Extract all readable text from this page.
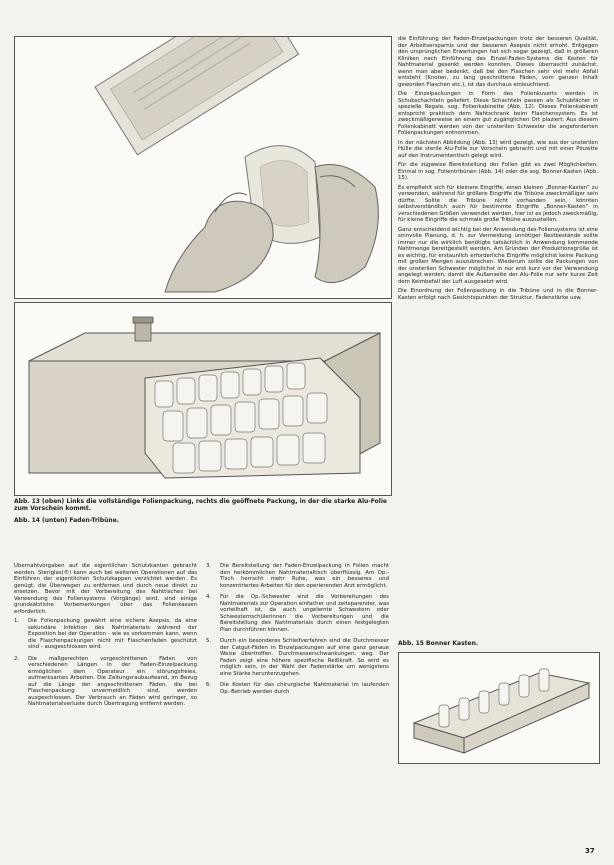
Abb. 13 (oben) Links die vollständige Folienpackung, rechts die geöffnete Packung, in der die starke Alu-Folie zum Vorschein kommt.
Abb. 14 (unten) Faden-Tribüne.

die Einführung der Faden-Einzelpackungen trotz der besseren Qualität, der Arbeitsersparnis und der besseren Asepsis nicht erhoht. Entgegen den ursprünglichen Erwartungen hat sich sogar gezeigt, daß in größeren Kliniken nach Einführung des Einzel-Faden-Systems die Kosten für Nahtmaterial gesenkt werden konnten. Dieses überrascht zunächst, wenn man aber bedenkt, daß bei den Flaschen sehr viel mehr Abfall entsteht (Knoten, zu lang geschnittene Fäden, vom ganzen Inhalt geworden Flaschen etc.), ist das durchaus einleuchtend.

Die Einzelpackungen in Form des Folienkuverts werden in Schubschachteln geliefert. Diese Schachteln passen als Schubfächer in spezielle Regale, sog. Folienkabinette (Abb. 12). Dieses Folienkabinett entspricht praktisch dem Nahtschrank beim Flaschensystem. Es ist zweckmäßigerweise an einem gut zugänglichen Ort plaziert. Aus diesem Folienkabinett werden von der unsterilen Schwester die angeforderten Folienpackungen entnommen.

In der nächsten Abbildung (Abb. 13) wird gezeigt, wie aus der unsterilen Hülle die sterile Alu-Folie zur Vorschein gebracht und mit einer Pinzette auf den Instrumententisch gelegt wird.

Für die zügweise Bereitstellung der Folien gibt es zwei Möglichkeiten: Einmal in sog. Folientribünen (Abb. 14) oder die sog. Bonner-Kasten (Abb. 15).

Es empfiehlt sich für kleinere Eingriffe, einen kleinen „Bonner-Kasten" zu verwenden, während für größere Eingriffe die Tribüne zweckmäßiger sein dürfte. Sollte die Tribüne nicht vorhanden sein, könnten selbstverständlich auch für bestimmte Eingriffe „Bonner-Kasten" in verschiedenen Größen verwendet werden, hier ist es jedoch zweckmäßig, für kleine Eingriffe die schmale große Tribüne auszustellen.

Ganz entscheidend wichtig bei der Anwendung des Foliensystems ist eine sinnvolle Planung, d. h. zur Vermeidung unnötiger Restbestände sollte immer nur die wirklich benötigte tatsächlich in Anwendung kommende Nahtmenge bereitgestellt werden. Am Gründen der Produktionsgrüße ist es wichtig, für erstaunlich erforderliche Eingriffe möglichst keine Packung mit großen Mengen auszubrechen. Wiederum sollte die Packungen von der unsterilen Schwester möglichst in nur erst kurz vor der Verwendung angelegt werden, damit die Außenseite der Alu-Folie nur sehr kurze Zeit dem Keimbefall der Luft ausgesetzt wird.

Die Einordnung der Folienpackung in die Tribüne und in die Bonner-Kasten erfolgt nach Gesichtspunkten der Struktur, Fadenstärke usw.

Übernahtvorgaben auf die eigentlichen Schutzkanten gebracht werden. Steriglas(®) kann auch bei weiteren Operationen auf das Einführen der eigentlichen Schutzkappen verzichtet werden. Es genügt, die Überwegen zu entfernen und durch neue direkt zu ersetzen. Bevor mit der Vorbereitung des Nahttisches bei Verwendung des Foliensystems (Vorgänge) wird, sind einige grundsätzliche Vorbemerkungen über das Folienkassen erforderlich.

1. Die Folienpackung gewährt eine sichere Asepsis, da eine sekundäre Infektion des Nahtmaterials während der Exposition bei der Operation - wie es vorkommen kann, wenn die Flaschenpackungen nicht mit Flaschenfaden geschützt sind - ausgeschlossen wird.
2. Die maßgerechten vorgeschnittenen Fäden von verschiedenen Längen in der Faden-Einzelpackung ermöglichen dem Operateur ein störungsfreies, aufmerksames Arbeiten. Die Zeitungsraubaufwand, im Bezug auf die Länge der angeschnittenen Fäden, die bei Flaschenpackung unvermeidlich sind, werden ausgeschlossen. Der Verbrauch an Fäden wird geringer, so Nahtmaterialverluste durch Übertragung entfernt werden.
3. Die Bereitstellung der Faden-Einzelpackung in Folien macht den herkömmlichen Nahtmaterialtisch überflüssig. Am Op.-Tisch herrscht mehr Ruhe, was ein besseres und konzentriertes Arbeiten für den operierenden Arzt ermöglicht.
4. Für die Op.-Schwester sind die Vorbereitungen des Nahtmaterials zur Operation einfacher und zeitsparender, was vorteilhaft ist, da auch ungelernte Schwestern oder Schwesternschülerinnen die Vorbereitungen und die Bereitstellung des Nahtmaterials durch einen festgelegten Plan durchführen können.
5. Durch ein besonderes Schleifverfahren sind die Durchmesser der Catgut-Fäden in Einzelpackungen auf eine ganz genaue Weise übertroffen. Durchmesserschwankungen, weg. Der Faden zeigt eine höhere spezifische Reißkraft. So wird es möglich sein, in der Wahl der Fadenstärke um wenigstens eine Stärke herunterzugehen.
6. Die Kosten für das chirurgische Nahtmaterial im laufenden Op.-Betrieb werden durch
Abb. 15 Bonner Kasten.
37
